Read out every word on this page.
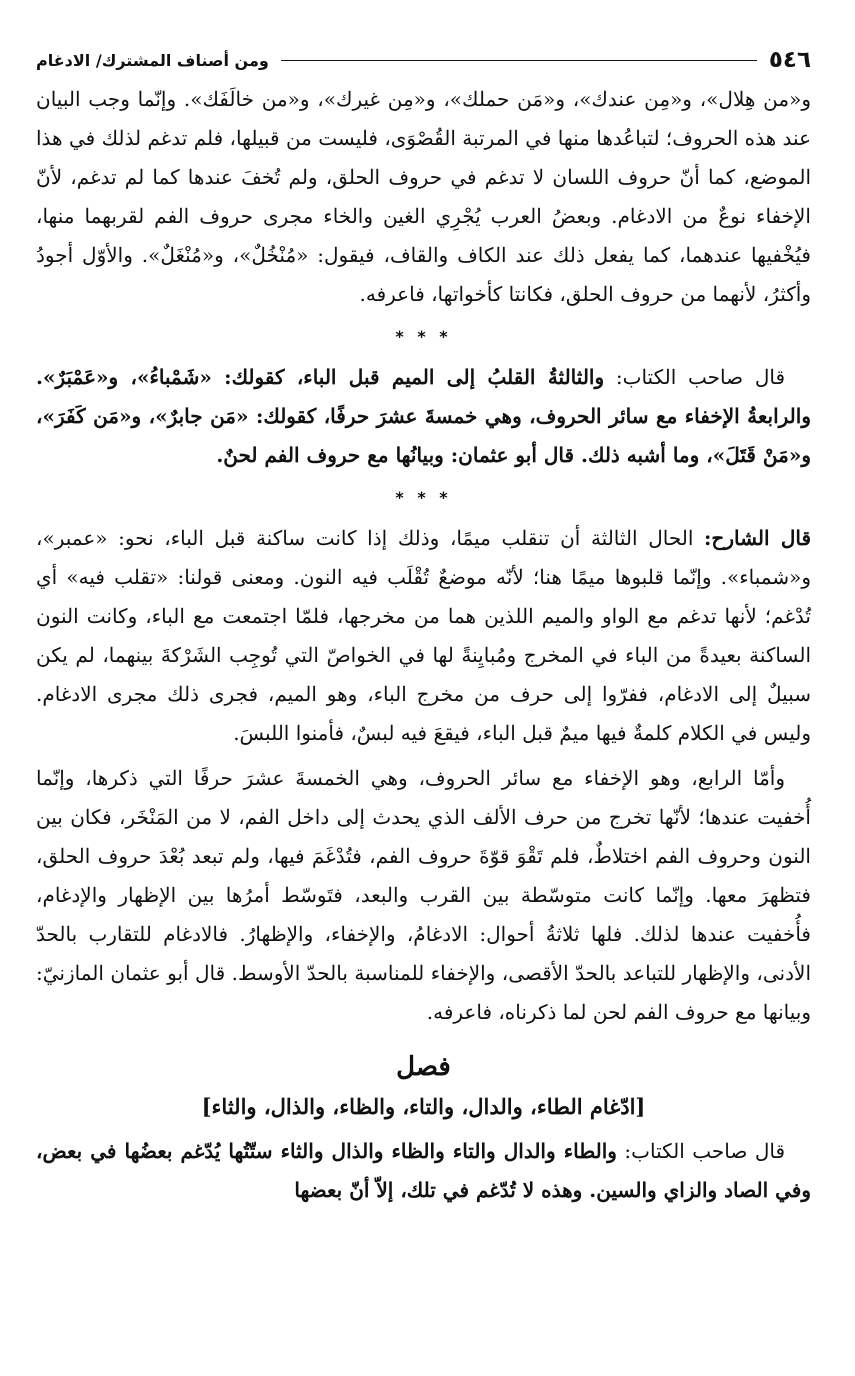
٥٤٦
ومن أصناف المشترك/ الادغام

و«من هِلال»، و«مِن عندك»، و«مَن حملك»، و«مِن غيرك»، و«من خالَفَك». وإنّما وجب البيان عند هذه الحروف؛ لتباعُدها منها في المرتبة القُصْوَى، فليست من قبيلها، فلم تدغم لذلك في هذا الموضع، كما أنّ حروف اللسان لا تدغم في حروف الحلق، ولم تُخفَ عندها كما لم تدغم، لأنّ الإخفاء نوعٌ من الادغام. وبعضُ العرب يُجْرِي الغين والخاء مجرى حروف الفم لقربهما منها، فيُخْفيها عندهما، كما يفعل ذلك عند الكاف والقاف، فيقول: «مُنْخُلٌ»، و«مُنْغَلٌ». والأوّل أجودُ وأكثرُ، لأنهما من حروف الحلق، فكانتا كأخواتها، فاعرفه.

* * *

قال صاحب الكتاب: والثالثةُ القلبُ إلى الميم قبل الباء، كقولك: «شَمْباءُ»، و«عَمْبَرٌ». والرابعةُ الإخفاء مع سائر الحروف، وهي خمسةَ عشرَ حرفًا، كقولك: «مَن جابرٌ»، و«مَن كَفَرَ»، و«مَنْ قَتَلَ»، وما أشبه ذلك. قال أبو عثمان: وبيانُها مع حروف الفم لحنٌ.

* * *

قال الشارح: الحال الثالثة أن تنقلب ميمًا، وذلك إذا كانت ساكنة قبل الباء، نحو: «عمبر»، و«شمباء». وإنّما قلبوها ميمًا هنا؛ لأنّه موضعٌ تُقْلَب فيه النون. ومعنى قولنا: «تقلب فيه» أي تُدْغم؛ لأنها تدغم مع الواو والميم اللذين هما من مخرجها، فلمّا اجتمعت مع الباء، وكانت النون الساكنة بعيدةً من الباء في المخرج ومُبايِنةً لها في الخواصّ التي تُوجِب الشَرْكةَ بينهما، لم يكن سبيلٌ إلى الادغام، ففرّوا إلى حرف من مخرج الباء، وهو الميم، فجرى ذلك مجرى الادغام. وليس في الكلام كلمةٌ فيها ميمٌ قبل الباء، فيقعَ فيه لبسٌ، فأمنوا اللبسَ.

وأمّا الرابع، وهو الإخفاء مع سائر الحروف، وهي الخمسةَ عشرَ حرفًا التي ذكرها، وإنّما أُخفيت عندها؛ لأنّها تخرج من حرف الألف الذي يحدث إلى داخل الفم، لا من المَنْخَر، فكان بين النون وحروف الفم اختلاطٌ، فلم تَقْوَ قوّةَ حروف الفم، فتُدْغَمَ فيها، ولم تبعد بُعْدَ حروف الحلق، فتظهرَ معها. وإنّما كانت متوسّطة بين القرب والبعد، فتَوسّط أمرُها بين الإظهار والإدغام، فأُخفيت عندها لذلك. فلها ثلاثةُ أحوال: الادغامُ، والإخفاء، والإظهارُ. فالادغام للتقارب بالحدّ الأدنى، والإظهار للتباعد بالحدّ الأقصى، والإخفاء للمناسبة بالحدّ الأوسط. قال أبو عثمان المازنيّ: وبيانها مع حروف الفم لحن لما ذكرناه، فاعرفه.

فصل
[ادّغام الطاء، والدال، والتاء، والظاء، والذال، والثاء]

قال صاحب الكتاب: والطاء والدال والتاء والظاء والذال والثاء ستّتُها يُدّغم بعضُها في بعض، وفي الصاد والزاي والسين. وهذه لا تُدّغم في تلك، إلاّ أنّ بعضها
